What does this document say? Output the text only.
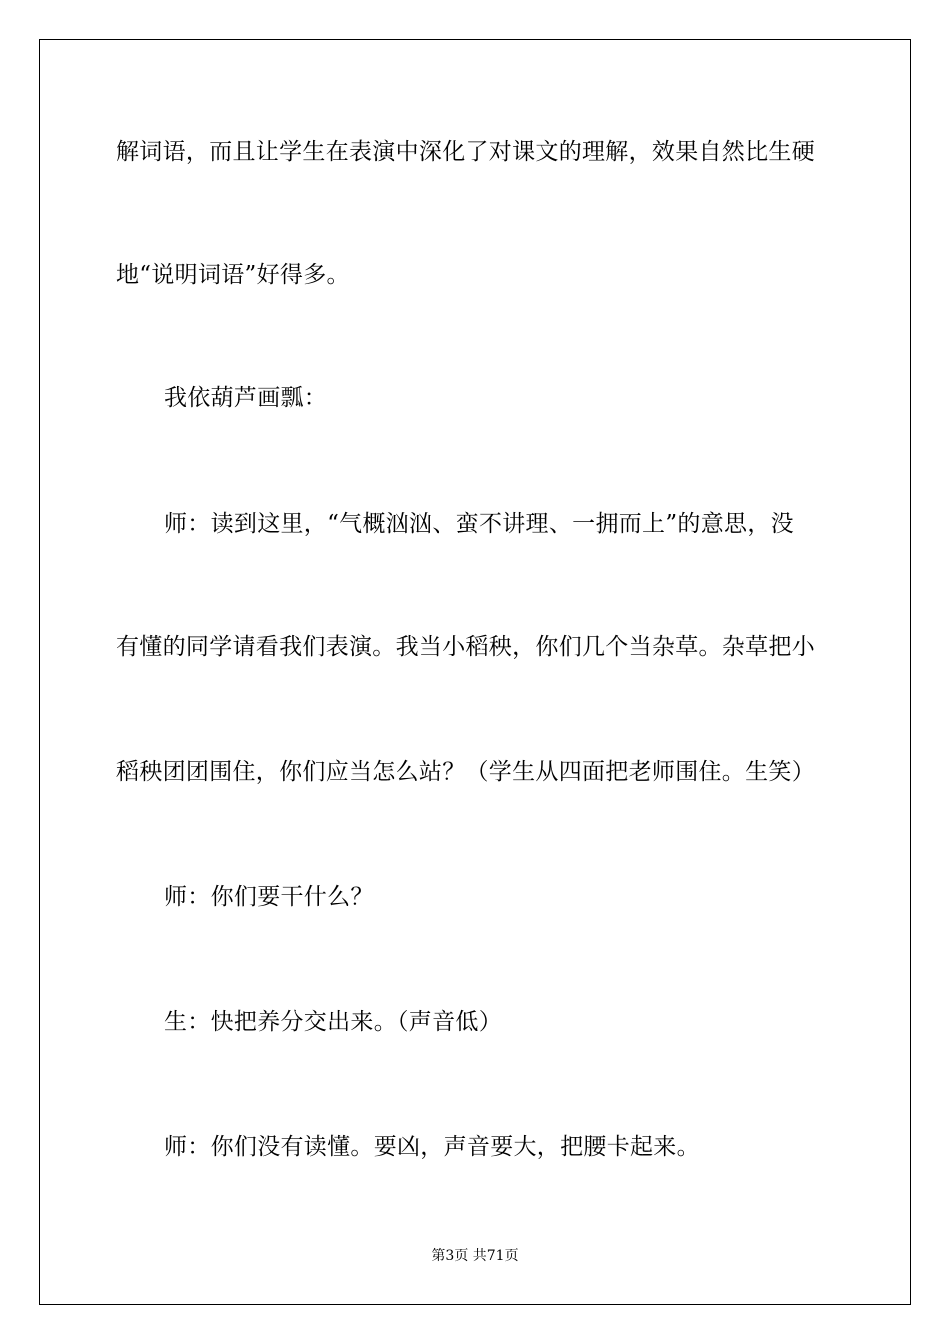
解词语，而且让学生在表演中深化了对课文的理解，效果自然比生硬

地“说明词语”好得多。

我依葫芦画瓢：

师：读到这里，“气概汹汹、蛮不讲理、一拥而上”的意思，没

有懂的同学请看我们表演。我当小稻秧，你们几个当杂草。杂草把小

稻秧团团围住，你们应当怎么站？（学生从四面把老师围住。生笑）

师：你们要干什么？

生：快把养分交出来。（声音低）

师：你们没有读懂。要凶，声音要大，把腰卡起来。

第3页 共71页
